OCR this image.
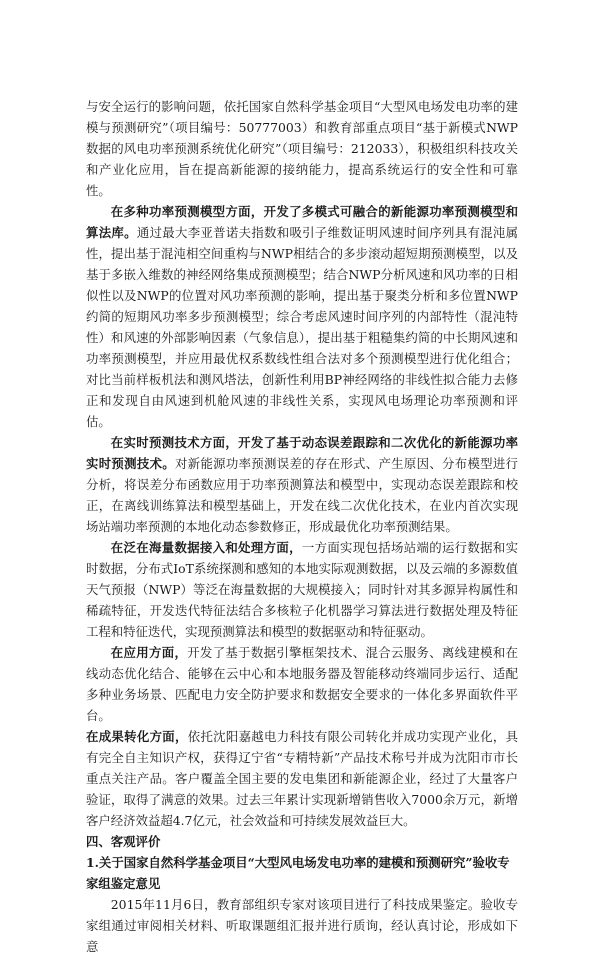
与安全运行的影响问题，依托国家自然科学基金项目“大型风电场发电功率的建模与预测研究”（项目编号：50777003）和教育部重点项目“基于新模式NWP数据的风电功率预测系统优化研究”（项目编号：212033），积极组织科技攻关和产业化应用，旨在提高新能源的接纳能力，提高系统运行的安全性和可靠性。

在多种功率预测模型方面，开发了多模式可融合的新能源功率预测模型和算法库。通过最大李亚普诺夫指数和吸引子维数证明风速时间序列具有混沌属性，提出基于混沌相空间重构与NWP相结合的多步滚动超短期预测模型，以及基于多嵌入维数的神经网络集成预测模型；结合NWP分析风速和风功率的日相似性以及NWP的位置对风功率预测的影响，提出基于聚类分析和多位置NWP约简的短期风功率多步预测模型；综合考虑风速时间序列的内部特性（混沌特性）和风速的外部影响因素（气象信息），提出基于粗糙集约简的中长期风速和功率预测模型，并应用最优权系数线性组合法对多个预测模型进行优化组合；对比当前样板机法和测风塔法，创新性利用BP神经网络的非线性拟合能力去修正和发现自由风速到机舱风速的非线性关系，实现风电场理论功率预测和评估。

在实时预测技术方面，开发了基于动态误差跟踪和二次优化的新能源功率实时预测技术。对新能源功率预测误差的存在形式、产生原因、分布模型进行分析，将误差分布函数应用于功率预测算法和模型中，实现动态误差跟踪和校正，在离线训练算法和模型基础上，开发在线二次优化技术，在业内首次实现场站端功率预测的本地化动态参数修正，形成最优化功率预测结果。

在泛在海量数据接入和处理方面，一方面实现包括场站端的运行数据和实时数据，分布式IoT系统探测和感知的本地实际观测数据，以及云端的多源数值天气预报（NWP）等泛在海量数据的大规模接入；同时针对其多源异构属性和稀疏特征，开发迭代特征法结合多核粒子化机器学习算法进行数据处理及特征工程和特征迭代，实现预测算法和模型的数据驱动和特征驱动。

在应用方面，开发了基于数据引擎框架技术、混合云服务、离线建模和在线动态优化结合、能够在云中心和本地服务器及智能移动终端同步运行、适配多种业务场景、匹配电力安全防护要求和数据安全要求的一体化多界面软件平台。

在成果转化方面，依托沈阳嘉越电力科技有限公司转化并成功实现产业化，具有完全自主知识产权，获得辽宁省“专精特新”产品技术称号并成为沈阳市市长重点关注产品。客户覆盖全国主要的发电集团和新能源企业，经过了大量客户验证，取得了满意的效果。过去三年累计实现新增销售收入7000余万元，新增客户经济效益超4.7亿元，社会效益和可持续发展效益巨大。

四、客观评价

1.关于国家自然科学基金项目“大型风电场发电功率的建模和预测研究”验收专家组鉴定意见

2015年11月6日，教育部组织专家对该项目进行了科技成果鉴定。验收专家组通过审阅相关材料、听取课题组汇报并进行质询，经认真讨论，形成如下意
